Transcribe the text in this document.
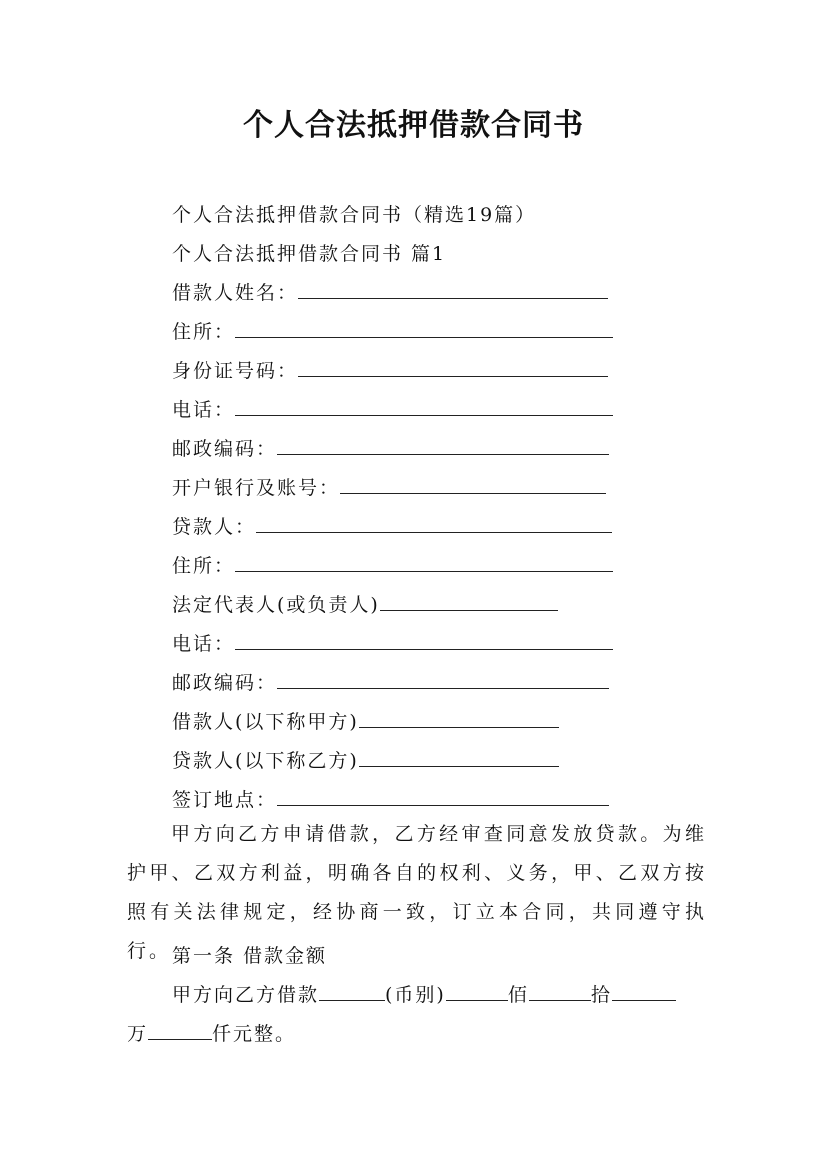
个人合法抵押借款合同书
个人合法抵押借款合同书（精选19篇）
个人合法抵押借款合同书 篇1
借款人姓名：
住所：
身份证号码：
电话：
邮政编码：
开户银行及账号：
贷款人：
住所：
法定代表人(或负责人)
电话：
邮政编码：
借款人(以下称甲方)
贷款人(以下称乙方)
签订地点：

甲方向乙方申请借款，乙方经审查同意发放贷款。为维护甲、乙双方利益，明确各自的权利、义务，甲、乙双方按照有关法律规定，经协商一致，订立本合同，共同遵守执行。 第一条 借款金额
甲方向乙方借款	(币别)	佰	拾
万	仟元整。
